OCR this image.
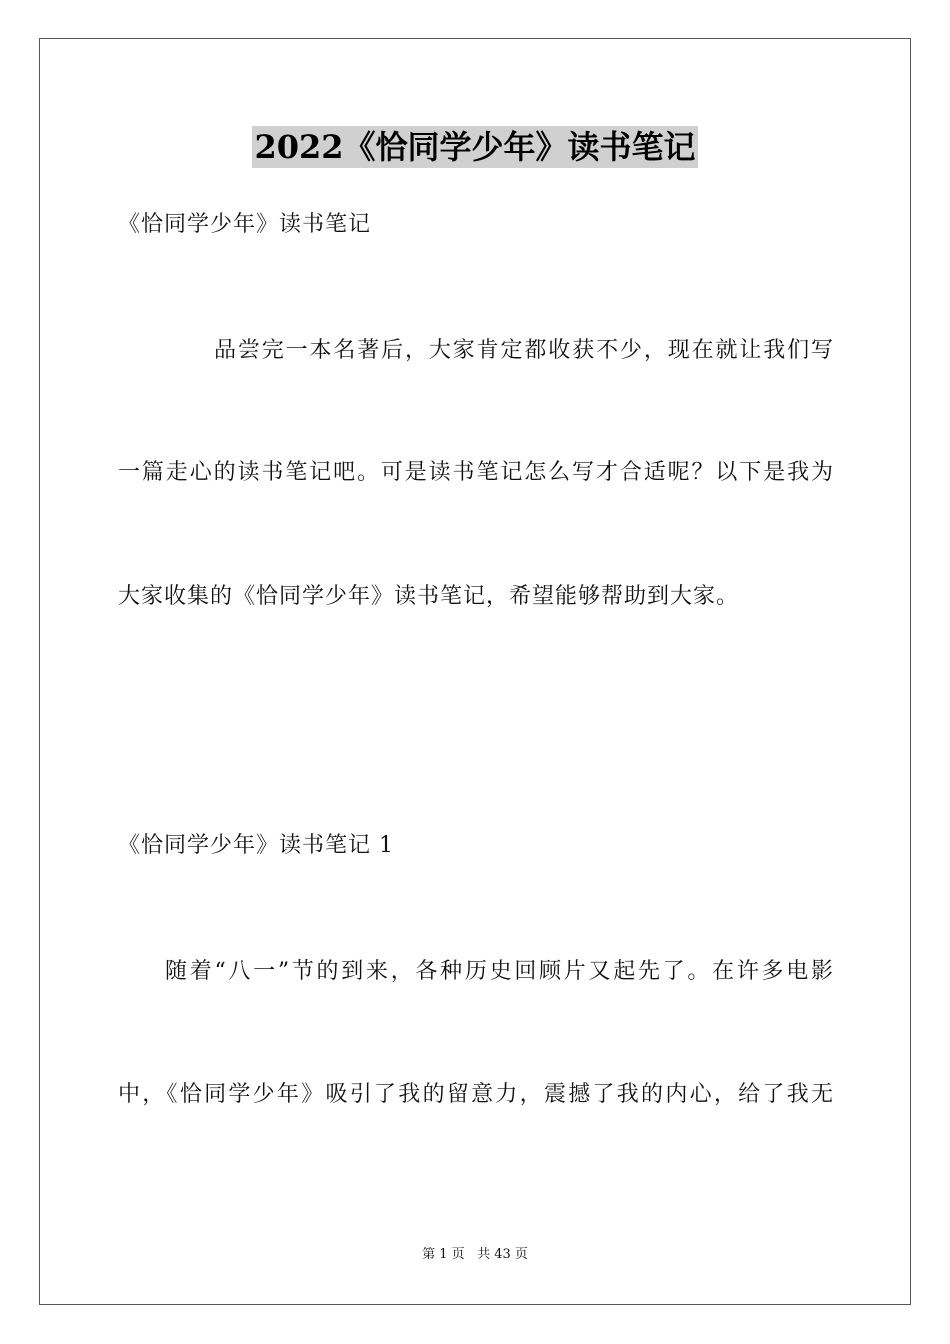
2022《恰同学少年》读书笔记
《恰同学少年》读书笔记
品尝完一本名著后，大家肯定都收获不少，现在就让我们写
一篇走心的读书笔记吧。可是读书笔记怎么写才合适呢？以下是我为
大家收集的《恰同学少年》读书笔记，希望能够帮助到大家。
《恰同学少年》读书笔记 1
随着“八一”节的到来，各种历史回顾片又起先了。在许多电影
中，《恰同学少年》吸引了我的留意力，震撼了我的内心，给了我无
第 1 页 共 43 页
